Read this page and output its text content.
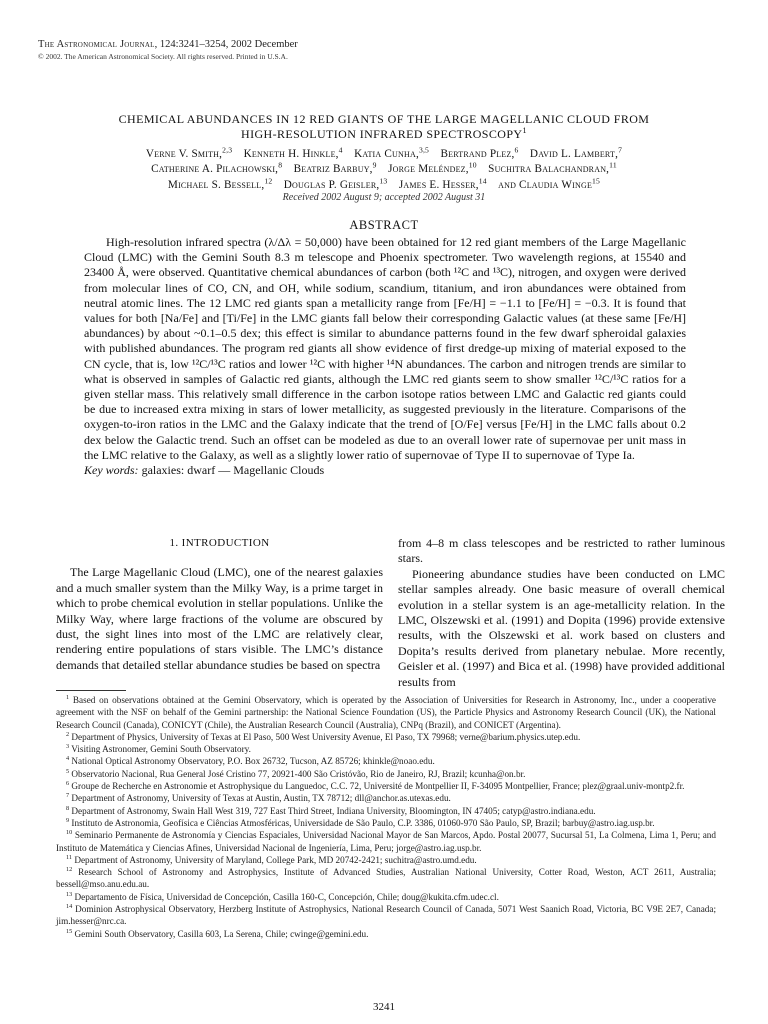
The Astronomical Journal, 124:3241–3254, 2002 December
© 2002. The American Astronomical Society. All rights reserved. Printed in U.S.A.
CHEMICAL ABUNDANCES IN 12 RED GIANTS OF THE LARGE MAGELLANIC CLOUD FROM
HIGH-RESOLUTION INFRARED SPECTROSCOPY$^1$
Verne V. Smith,$^{2,3}$  Kenneth H. Hinkle,$^4$  Katia Cunha,$^{3,5}$  Bertrand Plez,$^6$  David L. Lambert,$^7$
Catherine A. Pilachowski,$^8$  Beatriz Barbuy,$^9$  Jorge Meléndez,$^{10}$  Suchitra Balachandran,$^{11}$
Michael S. Bessell,$^{12}$  Douglas P. Geisler,$^{13}$  James E. Hesser,$^{14}$  and Claudia Winge$^{15}$
Received 2002 August 9; accepted 2002 August 31
ABSTRACT

High-resolution infrared spectra (λ/Δλ = 50,000) have been obtained for 12 red giant members of the Large Magellanic Cloud (LMC) with the Gemini South 8.3 m telescope and Phoenix spectrometer. Two wavelength regions, at 15540 and 23400 Å, were observed. Quantitative chemical abundances of carbon (both ¹²C and ¹³C), nitrogen, and oxygen were derived from molecular lines of CO, CN, and OH, while sodium, scandium, titanium, and iron abundances were obtained from neutral atomic lines. The 12 LMC red giants span a metallicity range from [Fe/H] = −1.1 to [Fe/H] = −0.3. It is found that values for both [Na/Fe] and [Ti/Fe] in the LMC giants fall below their corresponding Galactic values (at these same [Fe/H] abundances) by about ~0.1–0.5 dex; this effect is similar to abundance patterns found in the few dwarf spheroidal galaxies with published abundances. The program red giants all show evidence of first dredge-up mixing of material exposed to the CN cycle, that is, low ¹²C/¹³C ratios and lower ¹²C with higher ¹⁴N abundances. The carbon and nitrogen trends are similar to what is observed in samples of Galactic red giants, although the LMC red giants seem to show smaller ¹²C/¹³C ratios for a given stellar mass. This relatively small difference in the carbon isotope ratios between LMC and Galactic red giants could be due to increased extra mixing in stars of lower metallicity, as suggested previously in the literature. Comparisons of the oxygen-to-iron ratios in the LMC and the Galaxy indicate that the trend of [O/Fe] versus [Fe/H] in the LMC falls about 0.2 dex below the Galactic trend. Such an offset can be modeled as due to an overall lower rate of supernovae per unit mass in the LMC relative to the Galaxy, as well as a slightly lower ratio of supernovae of Type II to supernovae of Type Ia.

Key words: galaxies: dwarf — Magellanic Clouds
1. INTRODUCTION

The Large Magellanic Cloud (LMC), one of the nearest galaxies and a much smaller system than the Milky Way, is a prime target in which to probe chemical evolution in stellar populations. Unlike the Milky Way, where large fractions of the volume are obscured by dust, the sight lines into most of the LMC are relatively clear, rendering entire populations of stars visible. The LMC’s distance demands that detailed stellar abundance studies be based on spectra

from 4–8 m class telescopes and be restricted to rather luminous stars.

Pioneering abundance studies have been conducted on LMC stellar samples already. One basic measure of overall chemical evolution in a stellar system is an age-metallicity relation. In the LMC, Olszewski et al. (1991) and Dopita (1996) provide extensive results, with the Olszewski et al. work based on clusters and Dopita’s results derived from planetary nebulae. More recently, Geisler et al. (1997) and Bica et al. (1998) have provided additional results from

$^1$ Based on observations obtained at the Gemini Observatory, which is operated by the Association of Universities for Research in Astronomy, Inc., under a cooperative agreement with the NSF on behalf of the Gemini partnership: the National Science Foundation (US), the Particle Physics and Astronomy Research Council (UK), the National Research Council (Canada), CONICYT (Chile), the Australian Research Council (Australia), CNPq (Brazil), and CONICET (Argentina).
$^2$ Department of Physics, University of Texas at El Paso, 500 West University Avenue, El Paso, TX 79968; verne@barium.physics.utep.edu.
$^3$ Visiting Astronomer, Gemini South Observatory.
$^4$ National Optical Astronomy Observatory, P.O. Box 26732, Tucson, AZ 85726; khinkle@noao.edu.
$^5$ Observatorio Nacional, Rua General José Cristino 77, 20921-400 São Cristóvão, Rio de Janeiro, RJ, Brazil; kcunha@on.br.
$^6$ Groupe de Recherche en Astronomie et Astrophysique du Languedoc, C.C. 72, Université de Montpellier II, F-34095 Montpellier, France; plez@graal.univ-montp2.fr.
$^7$ Department of Astronomy, University of Texas at Austin, Austin, TX 78712; dll@anchor.as.utexas.edu.
$^8$ Department of Astronomy, Swain Hall West 319, 727 East Third Street, Indiana University, Bloomington, IN 47405; catyp@astro.indiana.edu.
$^9$ Instituto de Astronomia, Geofísica e Ciências Atmosféricas, Universidade de São Paulo, C.P. 3386, 01060-970 São Paulo, SP, Brazil; barbuy@astro.iag.usp.br.
$^{10}$ Seminario Permanente de Astronomía y Ciencias Espaciales, Universidad Nacional Mayor de San Marcos, Apdo. Postal 20077, Sucursal 51, La Colmena, Lima 1, Peru; and Instituto de Matemática y Ciencias Afines, Universidad Nacional de Ingeniería, Lima, Peru; jorge@astro.iag.usp.br.
$^{11}$ Department of Astronomy, University of Maryland, College Park, MD 20742-2421; suchitra@astro.umd.edu.
$^{12}$ Research School of Astronomy and Astrophysics, Institute of Advanced Studies, Australian National University, Cotter Road, Weston, ACT 2611, Australia; bessell@mso.anu.edu.au.
$^{13}$ Departamento de Física, Universidad de Concepción, Casilla 160-C, Concepción, Chile; doug@kukita.cfm.udec.cl.
$^{14}$ Dominion Astrophysical Observatory, Herzberg Institute of Astrophysics, National Research Council of Canada, 5071 West Saanich Road, Victoria, BC V9E 2E7, Canada; jim.hesser@nrc.ca.
$^{15}$ Gemini South Observatory, Casilla 603, La Serena, Chile; cwinge@gemini.edu.
3241
